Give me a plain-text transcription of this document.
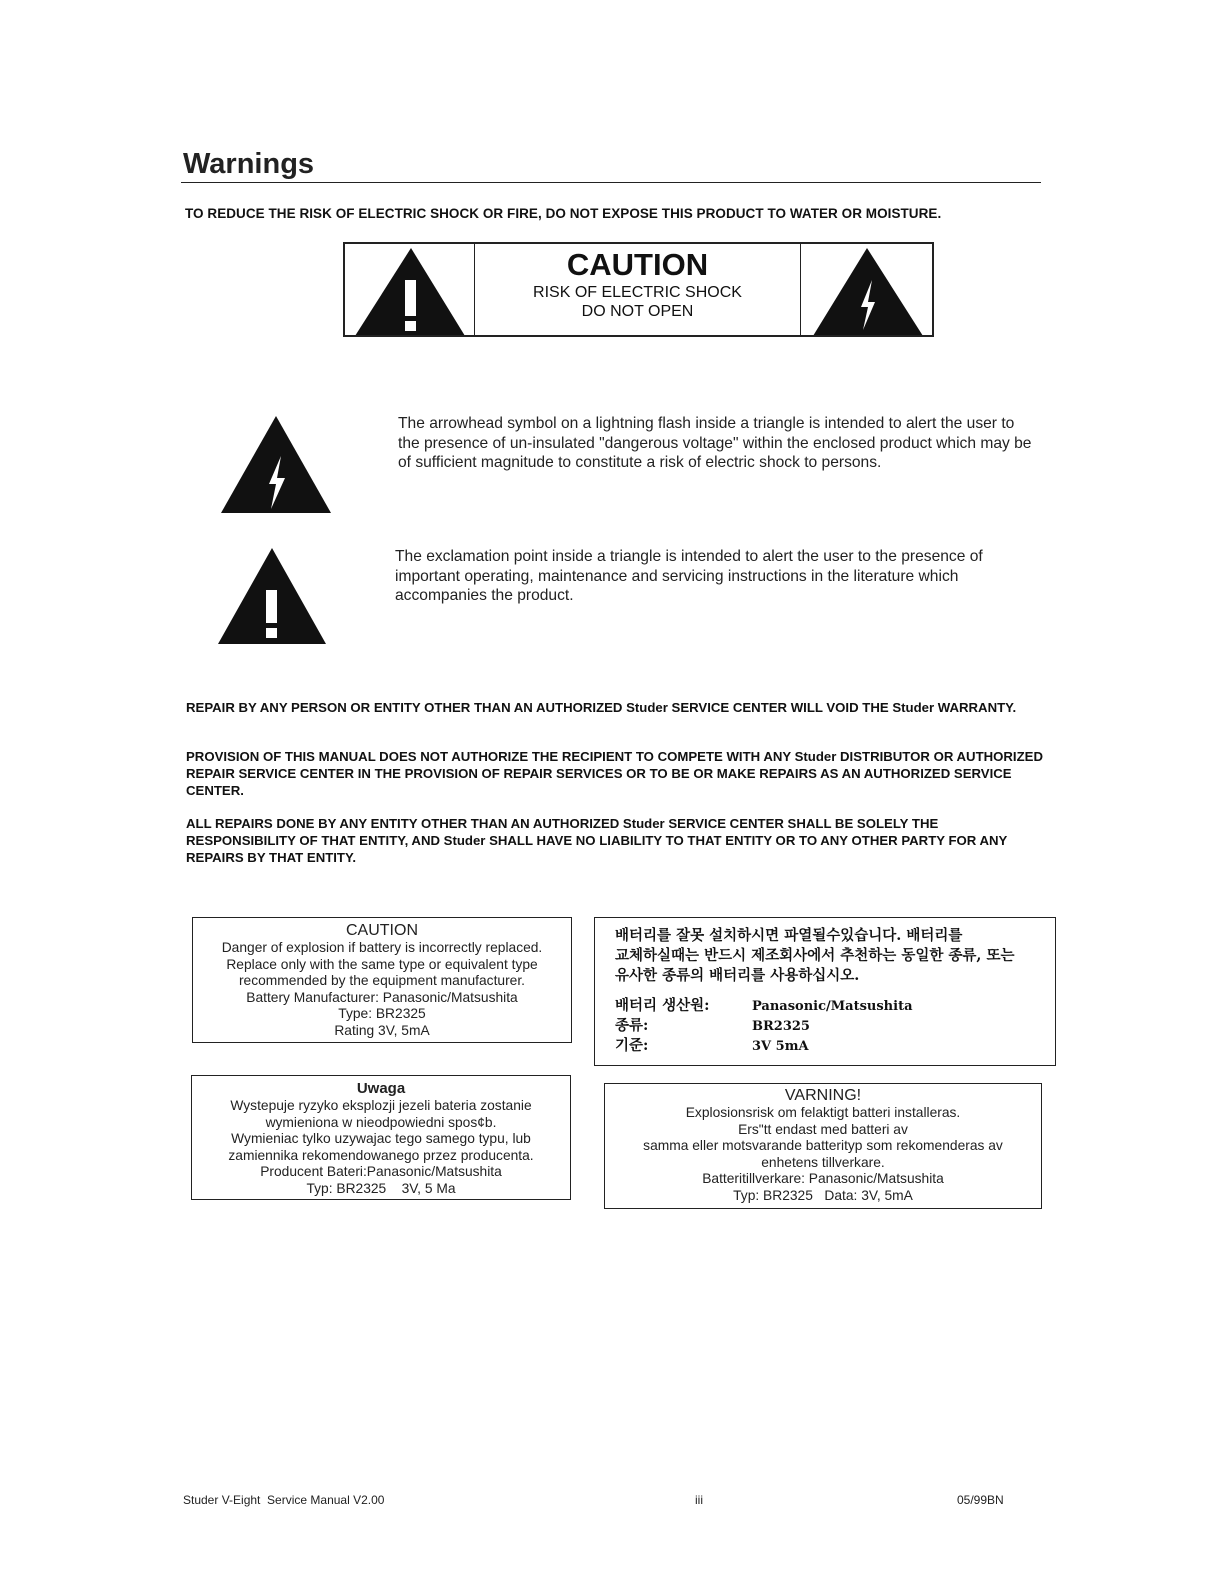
Warnings
TO REDUCE THE RISK OF ELECTRIC SHOCK OR FIRE, DO NOT EXPOSE THIS PRODUCT TO WATER OR MOISTURE.
CAUTION
RISK OF ELECTRIC SHOCK
DO NOT OPEN
The arrowhead symbol on a lightning flash inside a triangle is intended to alert the user to the presence of un-insulated "dangerous voltage" within the enclosed product which may be of sufficient magnitude to constitute a risk of electric shock to persons.
The exclamation point inside a triangle is intended to alert the user to the presence of important operating, maintenance and servicing instructions in the literature which accompanies the product.
REPAIR BY ANY PERSON OR ENTITY OTHER THAN AN AUTHORIZED Studer SERVICE CENTER WILL VOID THE Studer WARRANTY.
PROVISION OF THIS MANUAL DOES NOT AUTHORIZE THE RECIPIENT TO COMPETE WITH ANY Studer DISTRIBUTOR OR AUTHORIZED REPAIR SERVICE CENTER IN THE PROVISION OF REPAIR SERVICES OR TO BE OR MAKE REPAIRS AS AN AUTHORIZED SERVICE CENTER.
ALL REPAIRS DONE BY ANY ENTITY OTHER THAN AN AUTHORIZED Studer SERVICE CENTER SHALL BE SOLELY THE RESPONSIBILITY OF THAT ENTITY, AND Studer SHALL HAVE NO LIABILITY TO THAT ENTITY OR TO ANY OTHER PARTY FOR ANY REPAIRS BY THAT ENTITY.
CAUTION
Danger of explosion if battery is incorrectly replaced.
Replace only with the same type or equivalent type
recommended by the equipment manufacturer.
Battery Manufacturer: Panasonic/Matsushita
Type: BR2325
Rating 3V, 5mA
배터리를 잘못 설치하시면 파열될수있습니다. 배터리를
교체하실때는 반드시 제조회사에서 추천하는 동일한 종류, 또는
유사한 종류의 배터리를 사용하십시오.
배터리 생산원:	Panasonic/Matsushita
종류:	BR2325
기준:	3V 5mA
Uwaga
Wystepuje ryzyko eksplozji jezeli bateria zostanie
wymieniona w nieodpowiedni spos¢b.
Wymieniac tylko uzywajac tego samego typu, lub
zamiennika rekomendowanego przez producenta.
Producent Bateri:Panasonic/Matsushita
Typ: BR2325    3V, 5 Ma
VARNING!
Explosionsrisk om felaktigt batteri installeras.
Ers"tt endast med batteri av
samma eller motsvarande batterityp som rekomenderas av
enhetens tillverkare.
Batteritillverkare: Panasonic/Matsushita
Typ: BR2325   Data: 3V, 5mA
Studer V-Eight  Service Manual V2.00	iii	05/99BN
